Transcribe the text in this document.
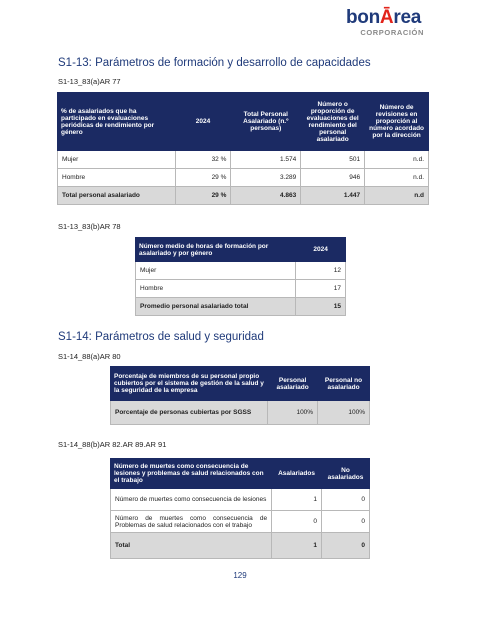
bonĀrea
CORPORACIÓN
S1-13: Parámetros de formación y desarrollo de capacidades

S1-13_83(a)AR 77

% de asalariados que ha participado en evaluaciones periódicas de rendimiento por género	2024	Total Personal Asalariado (n.º personas)	Número o proporción de evaluaciones del rendimiento del personal asalariado	Número de revisiones en proporción al número acordado por la dirección
Mujer	32 %	1.574	501	n.d.
Hombre	29 %	3.289	946	n.d.
Total personal asalariado	29 %	4.863	1.447	n.d

S1-13_83(b)AR 78

Número medio de horas de formación por asalariado y por género	2024
Mujer	12
Hombre	17
Promedio personal asalariado total	15
S1-14: Parámetros de salud y seguridad

S1-14_88(a)AR 80

Porcentaje de miembros de su personal propio cubiertos por el sistema de gestión de la salud y la seguridad de la empresa	Personal asalariado	Personal no asalariado
Porcentaje de personas cubiertas por SGSS	100%	100%

S1-14_88(b)AR 82.AR 89.AR 91

Número de muertes como consecuencia de lesiones y problemas de salud relacionados con el trabajo	Asalariados	No asalariados
Número de muertes como consecuencia de lesiones	1	0
Número de muertes como consecuencia de Problemas de salud relacionados con el trabajo	0	0
Total	1	0
129
